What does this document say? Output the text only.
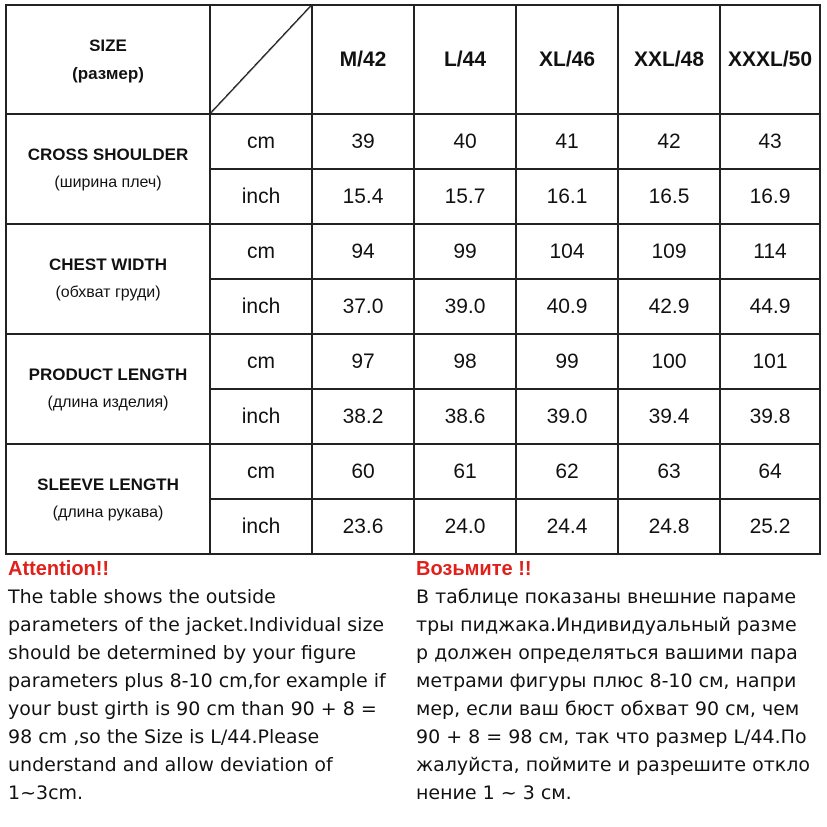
SIZE
(размер)		M/42	L/44	XL/46	XXL/48	XXXL/50

CROSS SHOULDER
(ширина плеч)	cm	39	40	41	42	43
	inch	15.4	15.7	16.1	16.5	16.9

CHEST WIDTH
(обхват груди)	cm	94	99	104	109	114
	inch	37.0	39.0	40.9	42.9	44.9

PRODUCT LENGTH
(длина изделия)	cm	97	98	99	100	101
	inch	38.2	38.6	39.0	39.4	39.8

SLEEVE LENGTH
(длина рукава)	cm	60	61	62	63	64
	inch	23.6	24.0	24.4	24.8	25.2
Attention!!
The table shows the outside
parameters of the jacket.Individual size
should be determined by your figure
parameters plus 8-10 cm,for example if
your bust girth is 90 cm than 90 + 8 =
98 cm ,so the Size is L/44.Please
understand and allow deviation of
1~3cm.
Возьмите !!
В таблице показаны внешние параме
тры пиджака.Индивидуальный разме
р должен определяться вашими пара
метрами фигуры плюс 8-10 см, напри
мер, если ваш бюст обхват 90 см, чем
90 + 8 = 98 см, так что размер L/44.По
жалуйста, поймите и разрешите откло
нение 1 ~ 3 см.
